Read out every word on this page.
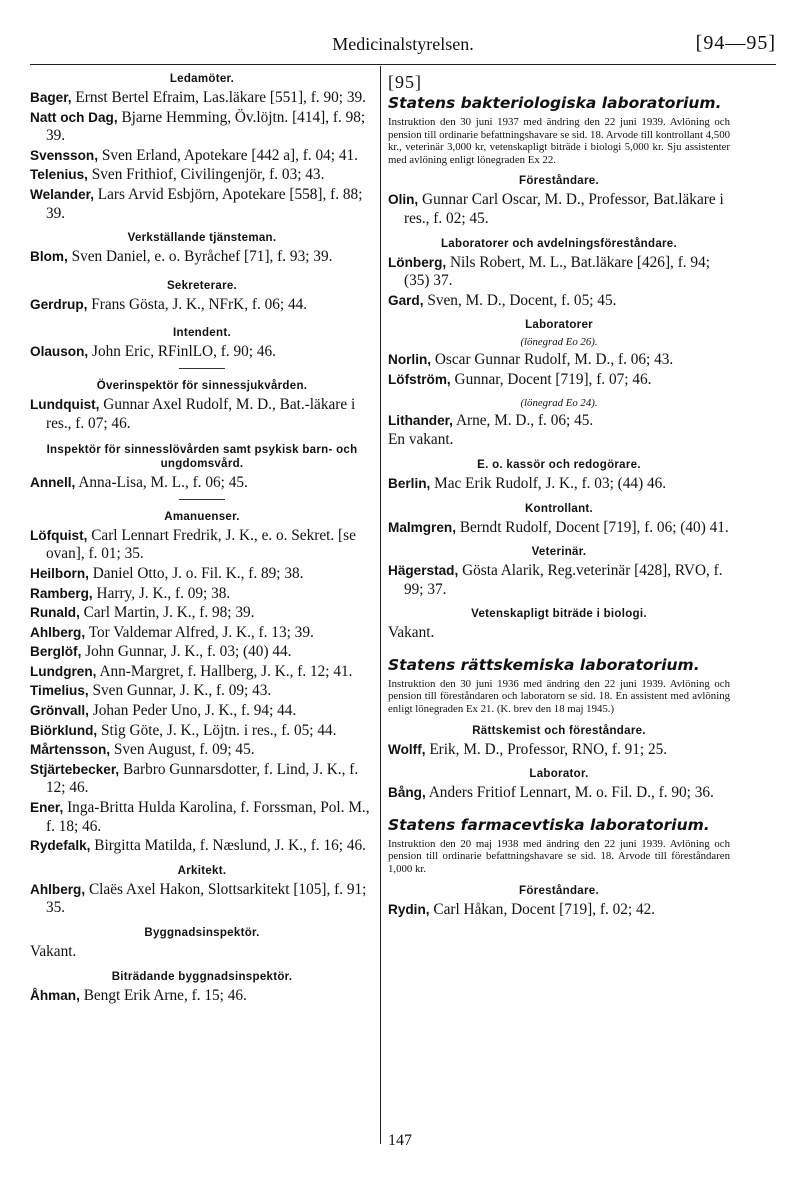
Medicinalstyrelsen.	[94—95]
Ledamöter.

Bager, Ernst Bertel Efraim, Las.läkare [551], f. 90; 39.

Natt och Dag, Bjarne Hemming, Öv.löjtn. [414], f. 98; 39.

Svensson, Sven Erland, Apotekare [442 a], f. 04; 41.

Telenius, Sven Frithiof, Civilingenjör, f. 03; 43.

Welander, Lars Arvid Esbjörn, Apotekare [558], f. 88; 39.

Verkställande tjänsteman.

Blom, Sven Daniel, e. o. Byråchef [71], f. 93; 39.

Sekreterare.

Gerdrup, Frans Gösta, J. K., NFrK, f. 06; 44.

Intendent.

Olauson, John Eric, RFinlLO, f. 90; 46.

Överinspektör för sinnessjukvården.

Lundquist, Gunnar Axel Rudolf, M. D., Bat.-läkare i res., f. 07; 46.

Inspektör för sinnesslövården samt psykisk barn- och ungdomsvård.

Annell, Anna-Lisa, M. L., f. 06; 45.

Amanuenser.

Löfquist, Carl Lennart Fredrik, J. K., e. o. Sekret. [se ovan], f. 01; 35.

Heilborn, Daniel Otto, J. o. Fil. K., f. 89; 38.

Ramberg, Harry, J. K., f. 09; 38.

Runald, Carl Martin, J. K., f. 98; 39.

Ahlberg, Tor Valdemar Alfred, J. K., f. 13; 39.

Berglöf, John Gunnar, J. K., f. 03; (40) 44.

Lundgren, Ann-Margret, f. Hallberg, J. K., f. 12; 41.

Timelius, Sven Gunnar, J. K., f. 09; 43.

Grönvall, Johan Peder Uno, J. K., f. 94; 44.

Biörklund, Stig Göte, J. K., Löjtn. i res., f. 05; 44.

Mårtensson, Sven August, f. 09; 45.

Stjärtebecker, Barbro Gunnarsdotter, f. Lind, J. K., f. 12; 46.

Ener, Inga-Britta Hulda Karolina, f. Forssman, Pol. M., f. 18; 46.

Rydefalk, Birgitta Matilda, f. Næslund, J. K., f. 16; 46.

Arkitekt.

Ahlberg, Claës Axel Hakon, Slottsarkitekt [105], f. 91; 35.

Byggnadsinspektör.

Vakant.

Biträdande byggnadsinspektör.

Åhman, Bengt Erik Arne, f. 15; 46.

[95]
Statens bakteriologiska laboratorium.

Instruktion den 30 juni 1937 med ändring den 22 juni 1939. Avlöning och pension till ordinarie befattningshavare se sid. 18. Arvode till kontrollant 4,500 kr., veterinär 3,000 kr, vetenskapligt biträde i biologi 5,000 kr. Sju assistenter med avlöning enligt lönegraden Ex 22.

Föreståndare.

Olin, Gunnar Carl Oscar, M. D., Professor, Bat.läkare i res., f. 02; 45.

Laboratorer och avdelningsföreståndare.

Lönberg, Nils Robert, M. L., Bat.läkare [426], f. 94; (35) 37.

Gard, Sven, M. D., Docent, f. 05; 45.

Laboratorer

(lönegrad Eo 26).

Norlin, Oscar Gunnar Rudolf, M. D., f. 06; 43.

Löfström, Gunnar, Docent [719], f. 07; 46.

(lönegrad Eo 24).

Lithander, Arne, M. D., f. 06; 45.

En vakant.

E. o. kassör och redogörare.

Berlin, Mac Erik Rudolf, J. K., f. 03; (44) 46.

Kontrollant.

Malmgren, Berndt Rudolf, Docent [719], f. 06; (40) 41.

Veterinär.

Hägerstad, Gösta Alarik, Reg.veterinär [428], RVO, f. 99; 37.

Vetenskapligt biträde i biologi.

Vakant.

Statens rättskemiska laboratorium.

Instruktion den 30 juni 1936 med ändring den 22 juni 1939. Avlöning och pension till föreståndaren och laboratorn se sid. 18. En assistent med avlöning enligt lönegraden Ex 21. (K. brev den 18 maj 1945.)

Rättskemist och föreståndare.

Wolff, Erik, M. D., Professor, RNO, f. 91; 25.

Laborator.

Bång, Anders Fritiof Lennart, M. o. Fil. D., f. 90; 36.

Statens farmacevtiska laboratorium.

Instruktion den 20 maj 1938 med ändring den 22 juni 1939. Avlöning och pension till ordinarie befattningshavare se sid. 18. Arvode till föreståndaren 1,000 kr.

Föreståndare.

Rydin, Carl Håkan, Docent [719], f. 02; 42.

147
